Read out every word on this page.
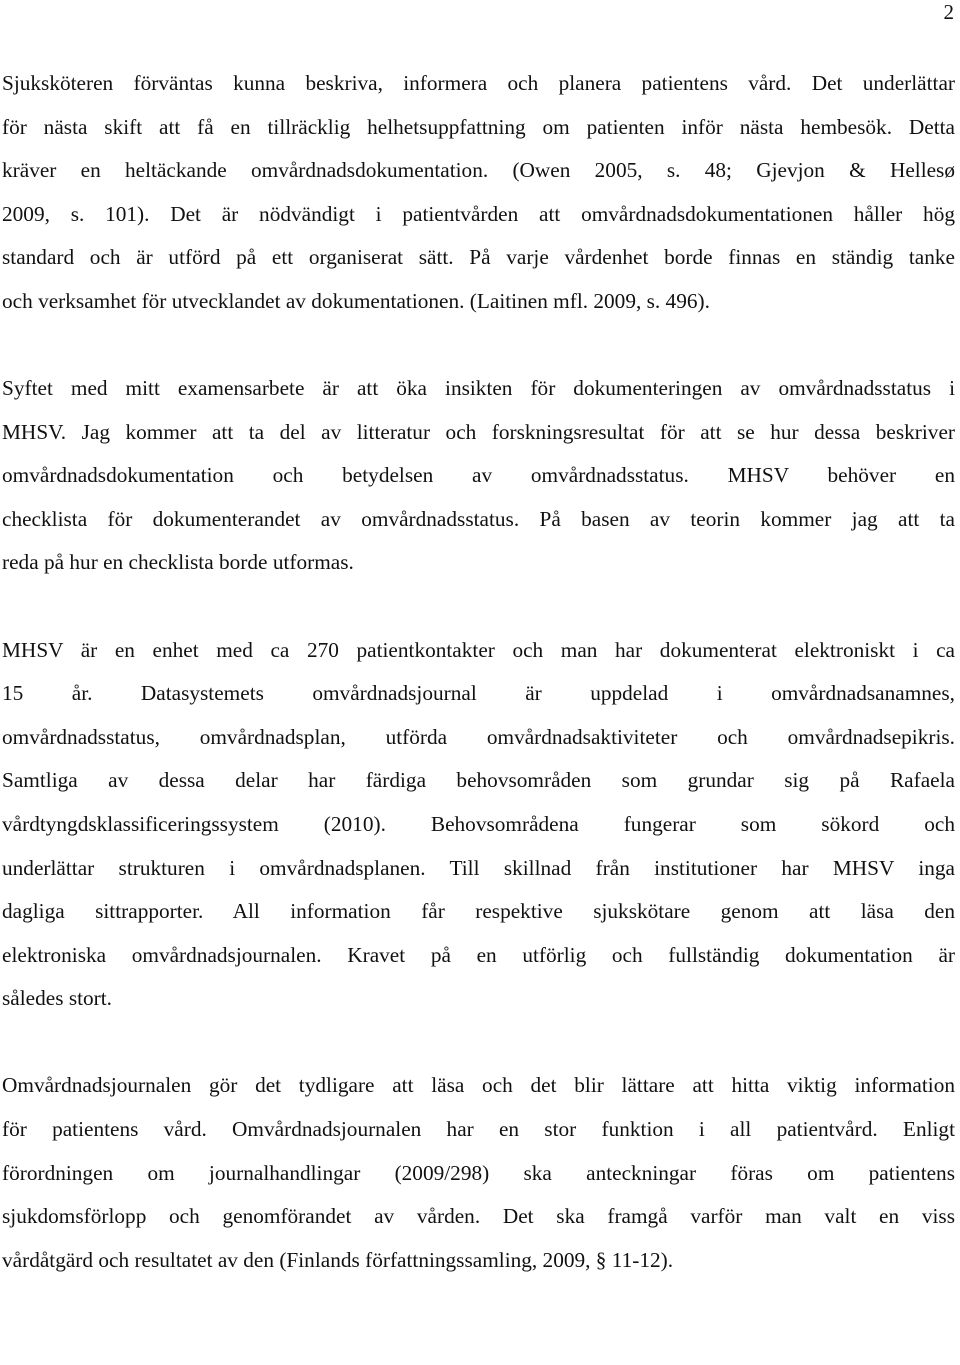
2

Sjuksköteren förväntas kunna beskriva, informera och planera patientens vård. Det underlättar
för nästa skift att få en tillräcklig helhetsuppfattning om patienten inför nästa hembesök. Detta
kräver en heltäckande omvårdnadsdokumentation. (Owen 2005, s. 48; Gjevjon & Hellesø
2009, s. 101). Det är nödvändigt i patientvården att omvårdnadsdokumentationen håller hög
standard och är utförd på ett organiserat sätt. På varje vårdenhet borde finnas en ständig tanke
och verksamhet för utvecklandet av dokumentationen. (Laitinen mfl. 2009, s. 496).

Syftet med mitt examensarbete är att öka insikten för dokumenteringen av omvårdnadsstatus i
MHSV. Jag kommer att ta del av litteratur och forskningsresultat för att se hur dessa beskriver
omvårdnadsdokumentation och betydelsen av omvårdnadsstatus. MHSV behöver en
checklista för dokumenterandet av omvårdnadsstatus. På basen av teorin kommer jag att ta
reda på hur en checklista borde utformas.

MHSV är en enhet med ca 270 patientkontakter och man har dokumenterat elektroniskt i ca
15 år. Datasystemets omvårdnadsjournal är uppdelad i omvårdnadsanamnes,
omvårdnadsstatus, omvårdnadsplan, utförda omvårdnadsaktiviteter och omvårdnadsepikris.
Samtliga av dessa delar har färdiga behovsområden som grundar sig på Rafaela
vårdtyngdsklassificeringssystem (2010). Behovsområdena fungerar som sökord och
underlättar strukturen i omvårdnadsplanen. Till skillnad från institutioner har MHSV inga
dagliga sittrapporter. All information får respektive sjukskötare genom att läsa den
elektroniska omvårdnadsjournalen. Kravet på en utförlig och fullständig dokumentation är
således stort.

Omvårdnadsjournalen gör det tydligare att läsa och det blir lättare att hitta viktig information
för patientens vård. Omvårdnadsjournalen har en stor funktion i all patientvård. Enligt
förordningen om journalhandlingar (2009/298) ska anteckningar föras om patientens
sjukdomsförlopp och genomförandet av vården. Det ska framgå varför man valt en viss
vårdåtgärd och resultatet av den (Finlands författningssamling, 2009, § 11-12).
